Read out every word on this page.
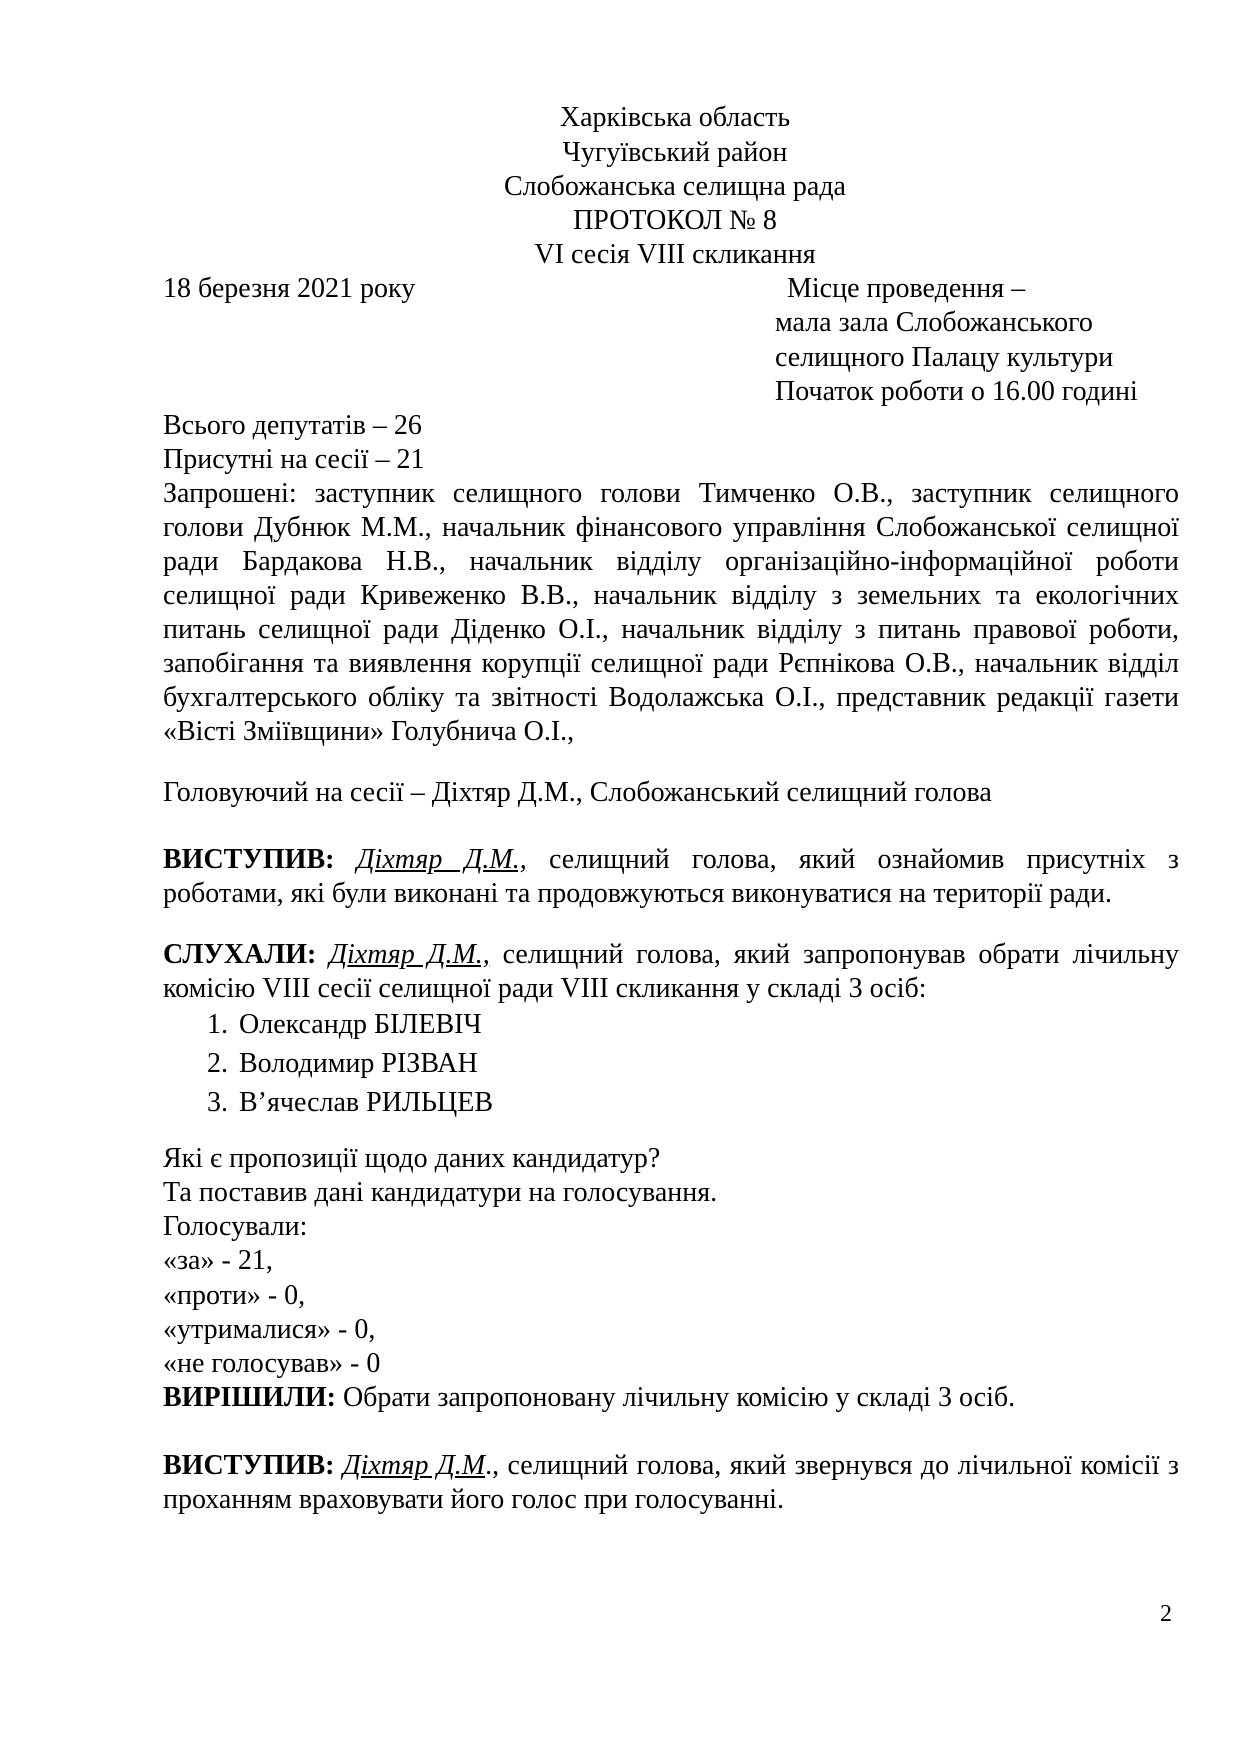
Харківська область
Чугуївський район
Слобожанська селищна рада
ПРОТОКОЛ № 8
VI сесія VIII скликання
18 березня 2021 року	Місце проведення –
мала зала Слобожанського
селищного Палацу культури
Початок роботи о 16.00 годині
Всього депутатів – 26
Присутні на сесії – 21
Запрошені: заступник селищного голови Тимченко О.В., заступник селищного голови Дубнюк М.М., начальник фінансового управління Слобожанської селищної ради Бардакова Н.В., начальник відділу організаційно-інформаційної роботи селищної ради Кривеженко В.В., начальник відділу з земельних та екологічних питань селищної ради Діденко О.І., начальник відділу з питань правової роботи, запобігання та виявлення корупції селищної ради Рєпнікова О.В., начальник відділ бухгалтерського обліку та звітності Водолажська О.І., представник редакції газети «Вісті Зміївщини» Голубнича О.І.,
Головуючий на сесії – Діхтяр Д.М., Слобожанський селищний голова
ВИСТУПИВ: Діхтяр Д.М., селищний голова, який ознайомив присутніх з роботами, які були виконані та продовжуються виконуватися на території ради.
СЛУХАЛИ: Діхтяр Д.М., селищний голова, який запропонував обрати лічильну комісію VIII сесії селищної ради VIII скликання у складі 3 осіб:
1. Олександр БІЛЕВІЧ
2. Володимир РІЗВАН
3. В’ячеслав РИЛЬЦЕВ
Які є пропозиції щодо даних кандидатур?
Та поставив дані кандидатури на голосування.
Голосували:
«за» - 21,
«проти» - 0,
«утрималися» - 0,
«не голосував» - 0
ВИРІШИЛИ: Обрати запропоновану лічильну комісію у складі 3 осіб.
ВИСТУПИВ: Діхтяр Д.М., селищний голова, який звернувся до лічильної комісії з проханням враховувати його голос при голосуванні.
2
